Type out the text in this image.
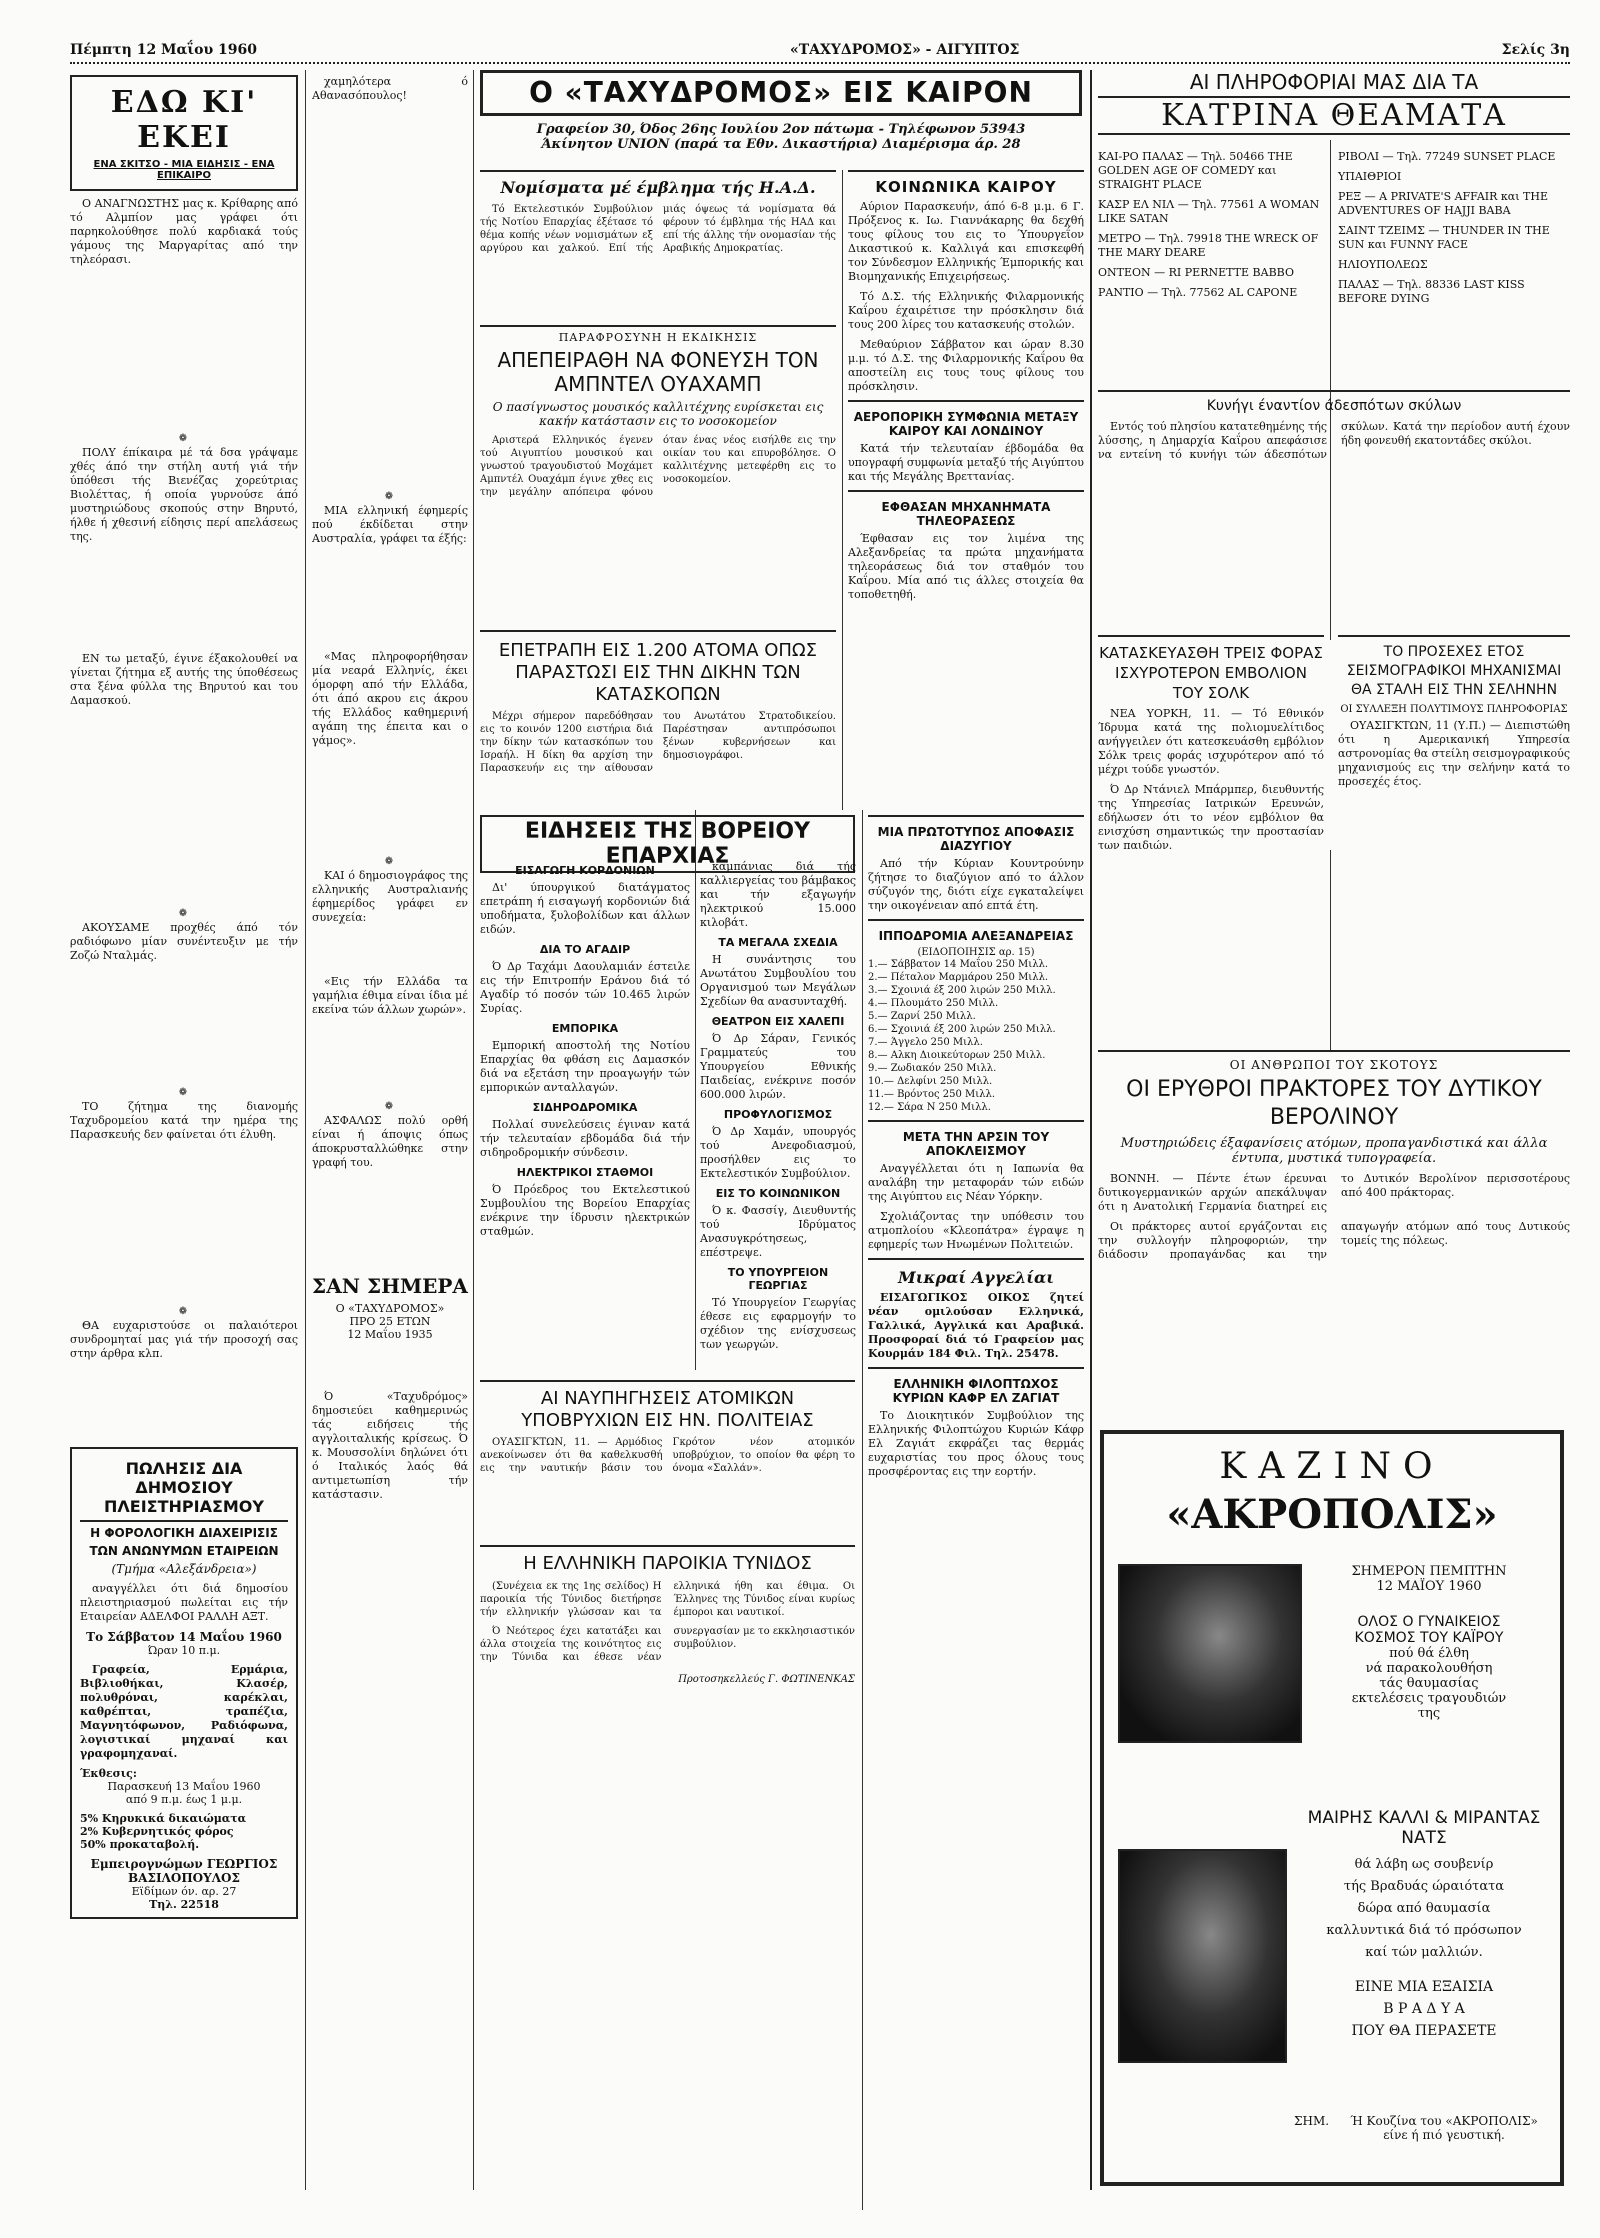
Πέμπτη 12 Μαΐου 1960	«ΤΑΧΥΔΡΟΜΟΣ» - ΑΙΓΥΠΤΟΣ	Σελίς 3η
ΕΔΩ ΚΙ' ΕΚΕΙ
ΕΝΑ ΣΚΙΤΣΟ - ΜΙΑ ΕΙΔΗΣΙΣ - ΕΝΑ ΕΠΙΚΑΙΡΟ

Ο ΑΝΑΓΝΩΣΤΗΣ μας κ. Κρίθαρης από τό Αλμπίον μας γράφει ότι παρηκολούθησε πολύ καρδιακά τούς γάμους της Μαργαρίτας από την τηλεόρασι.

❁

ΠΟΛΥ έπίκαιρα μέ τά δσα γράψαμε χθές άπό την στήλη αυτή γιά τήν ύπόθεσι τής Βιενέζας χορεύτριας Βιολέττας, ή οποία γυρνούσε άπό μυστηριώδους σκοπούς στην Βηρυτό, ήλθε ή χθεσινή είδησις περί απελάσεως της.

ΕΝ τω μεταξύ, έγινε έξακολουθεί να γίνεται ζήτημα εξ αυτής της ύποθέσεως στα ξένα φύλλα της Βηρυτού και του Δαμασκού.

❁

ΑΚΟΥΣΑΜΕ προχθές άπό τόν ραδιόφωνο μίαν συνέντευξιν με τήν Ζοζώ Νταλμάς.

❁

ΤΟ ζήτημα της διανομής Ταχυδρομείου κατά την ημέρα της Παρασκευής δεν φαίνεται ότι έλυθη.

❁

ΘΑ ευχαριστούσε οι παλαιότεροι συνδρομηταί μας γιά τήν προσοχή σας στην άρθρα κλπ.

ΠΩΛΗΣΙΣ ΔΙΑ ΔΗΜΟΣΙΟΥ ΠΛΕΙΣΤΗΡΙΑΣΜΟΥ
Η ΦΟΡΟΛΟΓΙΚΗ ΔΙΑΧΕΙΡΙΣΙΣ
ΤΩΝ ΑΝΩΝΥΜΩΝ ΕΤΑΙΡΕΙΩΝ
(Τμήμα «Αλεξάνδρεια»)

αναγγέλλει ότι διά δημοσίου πλειστηριασμού πωλείται εις τήν Εταιρείαν ΑΔΕΛΦΟΙ ΡΑΛΛΗ ΑΞΤ.

Το Σάββατον 14 Μαΐου 1960
Ώραν 10 π.μ.

Γραφεία, Ερμάρια, Βιβλιοθήκαι, Κλασέρ, πολυθρόναι, καρέκλαι, καθρέπται, τραπέζια, Μαγνητόφωνον, Ραδιόφωνα, λογιστικαί μηχαναί και γραφομηχαναί.

Έκθεσις:
Παρασκευή 13 Μαΐου 1960
από 9 π.μ. έως 1 μ.μ.
5% Κηρυκικά δικαιώματα
2% Κυβερνητικός φόρος
50% προκαταβολή.
Εμπειρογνώμων ΓΕΩΡΓΙΟΣ ΒΑΣΙΛΟΠΟΥΛΟΣ
Εϊδίμων όν. αρ. 27
Τηλ. 22518

χαμηλότερα ό Αθανασόπουλος!

❁

ΜΙΑ ελληνική έφημερίς πού έκδίδεται στην Αυστραλία, γράφει τα έξής:

«Μας πληροφορήθησαν μία νεαρά Ελληνίς, έκει όμορφη από τήν Ελλάδα, ότι άπό ακρου εις άκρου τής Ελλάδος καθημερινή αγάπη της έπειτα και ο γάμος».

❁

ΚΑΙ ό δημοσιογράφος της ελληνικής Αυστραλιανής έφημερίδος γράφει εν συνεχεία:

«Εις τήν Ελλάδα τα γαμήλια έθιμα είναι ίδια μέ εκείνα τών άλλων χωρών».

❁

ΑΣΦΑΛΩΣ πολύ ορθή είναι ή άποψις όπως άποκρυσταλλώθηκε στην γραφή του.

ΣΑΝ ΣΗΜΕΡΑ
Ο «ΤΑΧΥΔΡΟΜΟΣ»
ΠΡΟ 25 ΕΤΩΝ
12 Μαΐου 1935

Ό «Ταχυδρόμος» δημοσιεύει καθημερινώς τάς ειδήσεις τής αγγλοιταλικής κρίσεως. Ό κ. Μουσσολίνι δηλώνει ότι ό Ιταλικός λαός θά αντιμετωπίση τήν κατάστασιν.

Ο «ΤΑΧΥΔΡΟΜΟΣ» ΕΙΣ ΚΑΙΡΟΝ
Γραφείον 30, Όδος 26ης Ιουλίου 2ον πάτωμα - Τηλέφωνον 53943
Άκίνητον UNION (παρά τα Εθν. Δικαστήρια) Διαμέρισμα άρ. 28
Νομίσματα μέ έμβλημα τής Η.Α.Δ.

Τό Εκτελεστικόν Συμβούλιον τής Νοτίου Επαρχίας έξέτασε τό θέμα κοπής νέων νομισμάτων εξ αργύρου και χαλκού. Επί τής μιάς όψεως τά νομίσματα θά φέρουν τό έμβλημα τής ΗΑΔ και επί τής άλλης τήν ονομασίαν τής Αραβικής Δημοκρατίας.

ΠΑΡΑΦΡΟΣΥΝΗ Η ΕΚΔΙΚΗΣΙΣ
ΑΠΕΠΕΙΡΑΘΗ ΝΑ ΦΟΝΕΥΣΗ ΤΟΝ ΑΜΠΝΤΕΛ ΟΥΑΧΑΜΠ
Ο πασίγνωστος μουσικός καλλιτέχνης ευρίσκεται εις κακήν κατάστασιν εις το νοσοκομείον

Αριστερά Ελληνικός έγενεν τού Αιγυπτίου μουσικού και γνωστού τραγουδιστού Μοχάμετ Αμπντέλ Ουαχάμπ έγινε χθες εις την μεγάλην απόπειρα φόνου όταν ένας νέος εισήλθε εις την οικίαν του και επυροβόλησε. Ο καλλιτέχνης μετεφέρθη εις το νοσοκομείον.

ΕΠΕΤΡΑΠΗ ΕΙΣ 1.200 ΑΤΟΜΑ ΟΠΩΣ ΠΑΡΑΣΤΩΣΙ ΕΙΣ ΤΗΝ ΔΙΚΗΝ ΤΩΝ ΚΑΤΑΣΚΟΠΩΝ

Μέχρι σήμερον παρεδόθησαν εις το κοινόν 1200 ειστήρια διά την δίκην τών κατασκόπων του Ισραήλ. Η δίκη θα αρχίση την Παρασκευήν εις την αίθουσαν του Ανωτάτου Στρατοδικείου. Παρέστησαν αντιπρόσωποι ξένων κυβερνήσεων και δημοσιογράφοι.

ΚΟΙΝΩΝΙΚΑ ΚΑΙΡΟΥ

Αύριον Παρασκευήν, άπό 6-8 μ.μ. 6 Γ. Πρόξενος κ. Ιω. Γιαννάκαρης θα δεχθή τους φίλους του εις το Ύπουργεΐον Δικαστικού κ. Καλλιγά και επισκεφθή τον Σύνδεσμον Ελληνικής Έμπορικής και Βιομηχανικής Επιχειρήσεως.

Τό Δ.Σ. τής Ελληνικής Φιλαρμονικής Καΐρου έχαιρέτισε την πρόσκλησιν διά τους 200 λίρες του κατασκευής στολών.

Μεθαύριον Σάββατον και ώραν 8.30 μ.μ. τό Δ.Σ. της Φιλαρμονικής Καΐρου θα αποστείλη εις τους τους φίλους του πρόσκλησιν.

ΑΕΡΟΠΟΡΙΚΗ ΣΥΜΦΩΝΙΑ ΜΕΤΑΞΥ ΚΑΙΡΟΥ ΚΑΙ ΛΟΝΔΙΝΟΥ

Κατά τήν τελευταίαν έβδομάδα θα υπογραφή συμφωνία μεταξύ τής Αιγύπτου και τής Μεγάλης Βρεττανίας.

ΕΦΘΑΣΑΝ ΜΗΧΑΝΗΜΑΤΑ ΤΗΛΕΟΡΑΣΕΩΣ

Έφθασαν εις τον λιμένα της Αλεξανδρείας τα πρώτα μηχανήματα τηλεοράσεως διά τον σταθμόν του Καΐρου. Μία από τις άλλες στοιχεία θα τοποθετηθή.

ΕΙΔΗΣΕΙΣ ΤΗΣ ΒΟΡΕΙΟΥ ΕΠΑΡΧΙΑΣ
ΕΙΣΑΓΩΓΗ ΚΟΡΔΟΝΙΩΝ

Δι' ύπουργικού διατάγματος επετράπη ή εισαγωγή κορδονιών διά υποδήματα, ξυλοβολίδων και άλλων ειδών.

ΔΙΑ ΤΟ ΑΓΑΔΙΡ

Ό Δρ Ταχάμι Δαουλαμιάν έστειλε εις τήν Επιτροπήν Εράνου διά τό Αγαδίρ τό ποσόν τών 10.465 λιρών Συρίας.

ΕΜΠΟΡΙΚΑ

Εμπορική αποστολή της Νοτίου Επαρχίας θα φθάση εις Δαμασκόν διά να εξετάση την προαγωγήν τών εμπορικών ανταλλαγών.

ΣΙΔΗΡΟΔΡΟΜΙΚΑ

Πολλαί συνελεύσεις έγιναν κατά τήν τελευταίαν εβδομάδα διά τήν σιδηροδρομικήν σύνδεσιν.

ΗΛΕΚΤΡΙΚΟΙ ΣΤΑΘΜΟΙ

Ό Πρόεδρος του Εκτελεστικού Συμβουλίου της Βορείου Επαρχίας ενέκρινε την ίδρυσιν ηλεκτρικών σταθμών.

καμπάνιας διά τής καλλιεργείας του βάμβακος και τήν εξαγωγήν ηλεκτρικού 15.000 κιλοβάτ.

ΤΑ ΜΕΓΑΛΑ ΣΧΕΔΙΑ

Η συνάντησις του Ανωτάτου Συμβουλίου του Οργανισμού των Μεγάλων Σχεδίων θα ανασυνταχθή.

ΘΕΑΤΡΟΝ ΕΙΣ ΧΑΛΕΠΙ

Ό Δρ Σάραν, Γενικός Γραμματεύς του Υπουργείου Εθνικής Παιδείας, ενέκρινε ποσόν 600.000 λιρών.

ΠΡΟΦΥΛΟΓΙΣΜΟΣ

Ό Δρ Χαμάν, υπουργός τού Ανεφοδιασμού, προσήλθεν εις το Εκτελεστικόν Συμβούλιον.

ΕΙΣ ΤΟ ΚΟΙΝΩΝΙΚΟΝ

Ό κ. Φασσίγ, Διευθυντής τού Ιδρύματος Ανασυγκρότησεως, επέστρεψε.

ΤΟ ΥΠΟΥΡΓΕΙΟΝ ΓΕΩΡΓΙΑΣ

Τό Υπουργείον Γεωργίας έθεσε εις εφαρμογήν το σχέδιον της ενίσχυσεως των γεωργών.

ΑΙ ΝΑΥΠΗΓΗΣΕΙΣ ΑΤΟΜΙΚΩΝ ΥΠΟΒΡΥΧΙΩΝ ΕΙΣ ΗΝ. ΠΟΛΙΤΕΙΑΣ

ΟΥΑΣΙΓΚΤΩΝ, 11. — Αρμόδιος ανεκοίνωσεν ότι θα καθελκυσθή εις την ναυτικήν βάσιν του Γκρότον νέον ατομικόν υποβρύχιον, το οποίον θα φέρη το όνομα «Σαλλάν».

Η ΕΛΛΗΝΙΚΗ ΠΑΡΟΙΚΙΑ ΤΥΝΙΔΟΣ

(Συνέχεια εκ της 1ης σελίδος) Η παροικία τής Τύνιδος διετήρησε τήν ελληνικήν γλώσσαν και τα ελληνικά ήθη και έθιμα. Οι Έλληνες της Τύνιδος είναι κυρίως έμποροι και ναυτικοί.

Ό Νεότερος έχει κατατάξει και άλλα στοιχεία της κοινότητος εις την Τύνιδα και έθεσε νέαν συνεργασίαν με το εκκλησιαστικόν συμβούλιον.

Προτοσηκελλεύς Γ. ΦΩΤΙΝΕΝΚΑΣ
ΜΙΑ ΠΡΩΤΟΤΥΠΟΣ ΑΠΟΦΑΣΙΣ ΔΙΑΖΥΓΙΟΥ

Από τήν Κύριαν Κουντρούνην ζήτησε το διαζύγιον από το άλλον σύζυγόν της, διότι είχε εγκαταλείψει την οικογένειαν από επτά έτη.

ΙΠΠΟΔΡΟΜΙΑ ΑΛΕΞΑΝΔΡΕΙΑΣ
(ΕΙΔΟΠΟΙΗΣΙΣ αρ. 15)
1.— Σάββατον 14 Μαΐου 250 Μιλλ.
2.— Πέταλον Μαρμάρου 250 Μιλλ.
3.— Σχοινιά έξ 200 λιρών 250 Μιλλ.
4.— Πλουμάτο 250 Μιλλ.
5.— Ζαρνί 250 Μιλλ.
6.— Σχοινιά έξ 200 λιρών 250 Μιλλ.
7.— Άγγελο 250 Μιλλ.
8.— Αλκη Διοικεύτορων 250 Μιλλ.
9.— Ζωδιακόν 250 Μιλλ.
10.— Δελφίνι 250 Μιλλ.
11.— Βρόντος 250 Μιλλ.
12.— Σάρα Ν 250 Μιλλ.
ΜΕΤΑ ΤΗΝ ΑΡΣΙΝ ΤΟΥ ΑΠΟΚΛΕΙΣΜΟΥ

Αναγγέλλεται ότι η Ιαπωνία θα αναλάβη την μεταφοράν τών ειδών της Αιγύπτου εις Νέαν Υόρκην.

Σχολιάζοντας την υπόθεσιν του ατμοπλοίου «Κλεοπάτρα» έγραψε η εφημερίς των Ηνωμένων Πολιτειών.

Μικραί Αγγελίαι

ΕΙΣΑΓΩΓΙΚΟΣ ΟΙΚΟΣ ζητεί νέαν ομιλούσαν Ελληνικά, Γαλλικά, Αγγλικά και Αραβικά. Προσφοραί διά τό Γραφείον μας Κουρμάν 184 Φιλ. Τηλ. 25478.

ΕΛΛΗΝΙΚΗ ΦΙΛΟΠΤΩΧΟΣ ΚΥΡΙΩΝ ΚΑΦΡ ΕΛ ΖΑΓΙΑΤ

Το Διοικητικόν Συμβούλιον της Ελληνικής Φιλοπτώχου Κυριών Κάφρ Ελ Ζαγιάτ εκφράζει τας θερμάς ευχαριστίας του προς όλους τους προσφέροντας εις την εορτήν.

ΑΙ ΠΛΗΡΟΦΟΡΙΑΙ ΜΑΣ ΔΙΑ ΤΑ
ΚΑΤΡΙΝΑ ΘΕΑΜΑΤΑ
ΚΑΙ-ΡΟ ΠΑΛΑΣ — Τηλ. 50466 THE GOLDEN AGE OF COMEDY και STRAIGHT PLACE
ΚΑΣΡ ΕΛ ΝΙΛ — Τηλ. 77561 A WOMAN LIKE SATAN
ΜΕΤΡΟ — Τηλ. 79918 THE WRECK OF THE MARY DEARE
ΟΝΤΕΟΝ — RI PERNETTE BABBO
ΡΑΝΤΙΟ — Τηλ. 77562 AL CAPONE
ΡΙΒΟΛΙ — Τηλ. 77249 SUNSET PLACE
ΥΠΑΙΘΡΙΟΙ
ΡΕΞ — A PRIVATE'S AFFAIR και THE ADVENTURES OF HAJJI BABA
ΣΑΙΝΤ ΤΖΕΙΜΣ — THUNDER IN THE SUN και FUNNY FACE
ΗΛΙΟΥΠΟΛΕΩΣ
ΠΑΛΑΣ — Τηλ. 88336 LAST KISS BEFORE DYING
Κυνήγι έναντίον άδεσπότων σκύλων

Εντός τού πλησίου κατατεθημένης τής λύσσης, η Δημαρχία Καΐρου απεφάσισε να εντείνη τό κυνήγι τών άδεσπότων σκύλων. Κατά την περίοδον αυτή έχουν ήδη φονευθή εκατοντάδες σκύλοι.

ΚΑΤΑΣΚΕΥΑΣΘΗ ΤΡΕΙΣ ΦΟΡΑΣ ΙΣΧΥΡΟΤΕΡΟΝ ΕΜΒΟΛΙΟΝ ΤΟΥ ΣΟΛΚ

ΝΕΑ ΥΟΡΚΗ, 11. — Τό Εθνικόν Ίδρυμα κατά της πολιομυελίτιδος ανήγγειλεν ότι κατεσκευάσθη εμβόλιον Σόλκ τρεις φοράς ισχυρότερον από τό μέχρι τούδε γνωστόν.

Ό Δρ Ντάνιελ Μπάρμπερ, διευθυντής της Υπηρεσίας Ιατρικών Ερευνών, εδήλωσεν ότι το νέον εμβόλιον θα ενισχύση σημαντικώς την προστασίαν των παιδιών.

ΤΟ ΠΡΟΣΕΧΕΣ ΕΤΟΣ ΣΕΙΣΜΟΓΡΑΦΙΚΟΙ ΜΗΧΑΝΙΣΜΑΙ ΘΑ ΣΤΑΛΗ ΕΙΣ ΤΗΝ ΣΕΛΗΝΗΝ
ΟΙ ΣΥΛΛΕΞΗ ΠΟΛΥΤΙΜΟΥΣ ΠΛΗΡΟΦΟΡΙΑΣ

ΟΥΑΣΙΓΚΤΩΝ, 11 (Υ.Π.) — Διεπιστώθη ότι η Αμερικανική Υπηρεσία αστρονομίας θα στείλη σεισμογραφικούς μηχανισμούς εις την σελήνην κατά το προσεχές έτος.

ΟΙ ΑΝΘΡΩΠΟΙ ΤΟΥ ΣΚΟΤΟΥΣ
ΟΙ ΕΡΥΘΡΟΙ ΠΡΑΚΤΟΡΕΣ ΤΟΥ ΔΥΤΙΚΟΥ ΒΕΡΟΛΙΝΟΥ
Μυστηριώδεις έξαφανίσεις ατόμων, προπαγανδιστικά και άλλα έντυπα, μυστικά τυπογραφεία.

ΒΟΝΝΗ. — Πέντε έτων έρευναι δυτικογερμανικών αρχών απεκάλυψαν ότι η Ανατολική Γερμανία διατηρεί εις το Δυτικόν Βερολίνον περισσοτέρους από 400 πράκτορας.

Οι πράκτορες αυτοί εργάζονται εις την συλλογήν πληροφοριών, την διάδοσιν προπαγάνδας και την απαγωγήν ατόμων από τους Δυτικούς τομείς της πόλεως.

ΚΑΖΙΝΟ
«ΑΚΡΟΠΟΛΙΣ»
ΣΗΜΕΡΟΝ ΠΕΜΠΤΗΝ
12 ΜΑΪΟΥ 1960
ΟΛΟΣ Ο ΓΥΝΑΙΚΕΙΟΣ
ΚΟΣΜΟΣ ΤΟΥ ΚΑΪΡΟΥ
πού θά έλθη
νά παρακολουθήση
τάς θαυμασίας
εκτελέσεις τραγουδιών
της
ΜΑΙΡΗΣ ΚΑΛΛΙ & ΜΙΡΑΝΤΑΣ ΝΑΤΣ
θά λάβη ως σουβενίρ
τής Βραδυάς ώραιότατα
δώρα από θαυμασία
καλλυντικά διά τό πρόσωπον
καί τών μαλλιών.
ΕΙΝΕ ΜΙΑ ΕΞΑΙΣΙΑ
Β Ρ Α Δ Υ Α
ΠΟΥ ΘΑ ΠΕΡΑΣΕΤΕ
ΣΗΜ.	Ή Κουζίνα του «ΑΚΡΟΠΟΛΙΣ» είνε ή πιό γευστική.
